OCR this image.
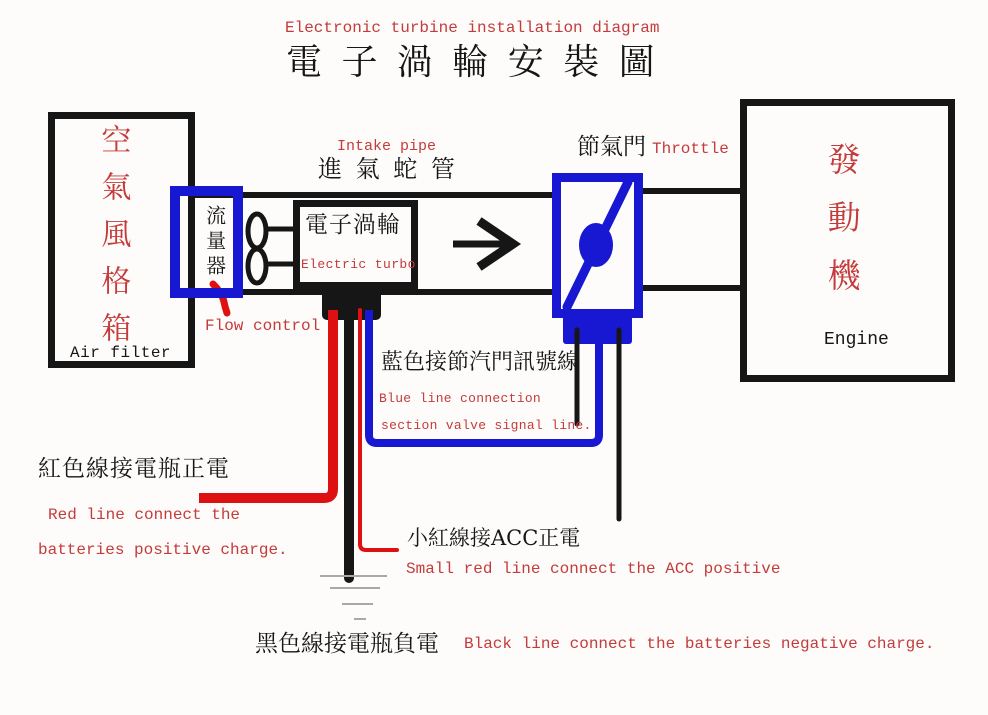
Electronic turbine installation diagram
電 子 渦 輪 安 裝 圖
空氣風格箱
Air filter
Intake pipe
進 氣 蛇 管
流量器
Flow control
電子渦輪
Electric turbo
節氣門 Throttle	發動機
Engine
藍色接節汽門訊號線
Blue line connection
section valve signal line.
紅色線接電瓶正電
Red line connect the
batteries positive charge.	小紅線接ACC正電
Small red line connect the ACC positive
黑色線接電瓶負電 Black line connect the batteries negative charge.
